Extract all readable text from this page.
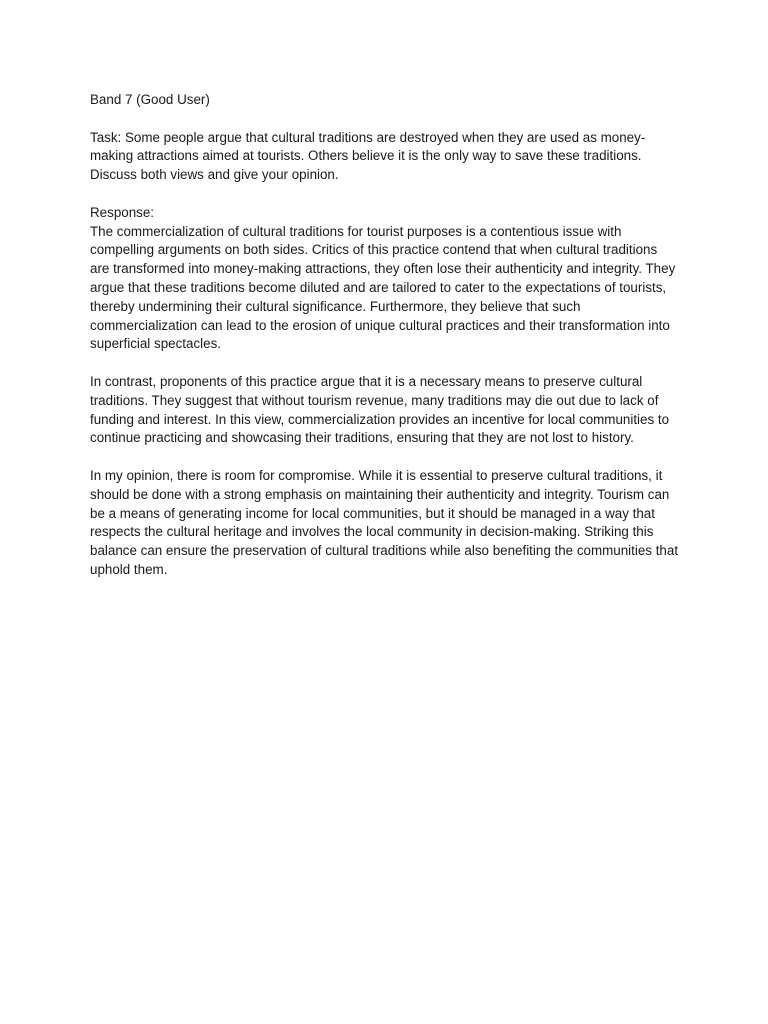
Band 7 (Good User)
Task: Some people argue that cultural traditions are destroyed when they are used as money-making attractions aimed at tourists. Others believe it is the only way to save these traditions. Discuss both views and give your opinion.
Response:
The commercialization of cultural traditions for tourist purposes is a contentious issue with compelling arguments on both sides. Critics of this practice contend that when cultural traditions are transformed into money-making attractions, they often lose their authenticity and integrity. They argue that these traditions become diluted and are tailored to cater to the expectations of tourists, thereby undermining their cultural significance. Furthermore, they believe that such commercialization can lead to the erosion of unique cultural practices and their transformation into superficial spectacles.
In contrast, proponents of this practice argue that it is a necessary means to preserve cultural traditions. They suggest that without tourism revenue, many traditions may die out due to lack of funding and interest. In this view, commercialization provides an incentive for local communities to continue practicing and showcasing their traditions, ensuring that they are not lost to history.
In my opinion, there is room for compromise. While it is essential to preserve cultural traditions, it should be done with a strong emphasis on maintaining their authenticity and integrity. Tourism can be a means of generating income for local communities, but it should be managed in a way that respects the cultural heritage and involves the local community in decision-making. Striking this balance can ensure the preservation of cultural traditions while also benefiting the communities that uphold them.
